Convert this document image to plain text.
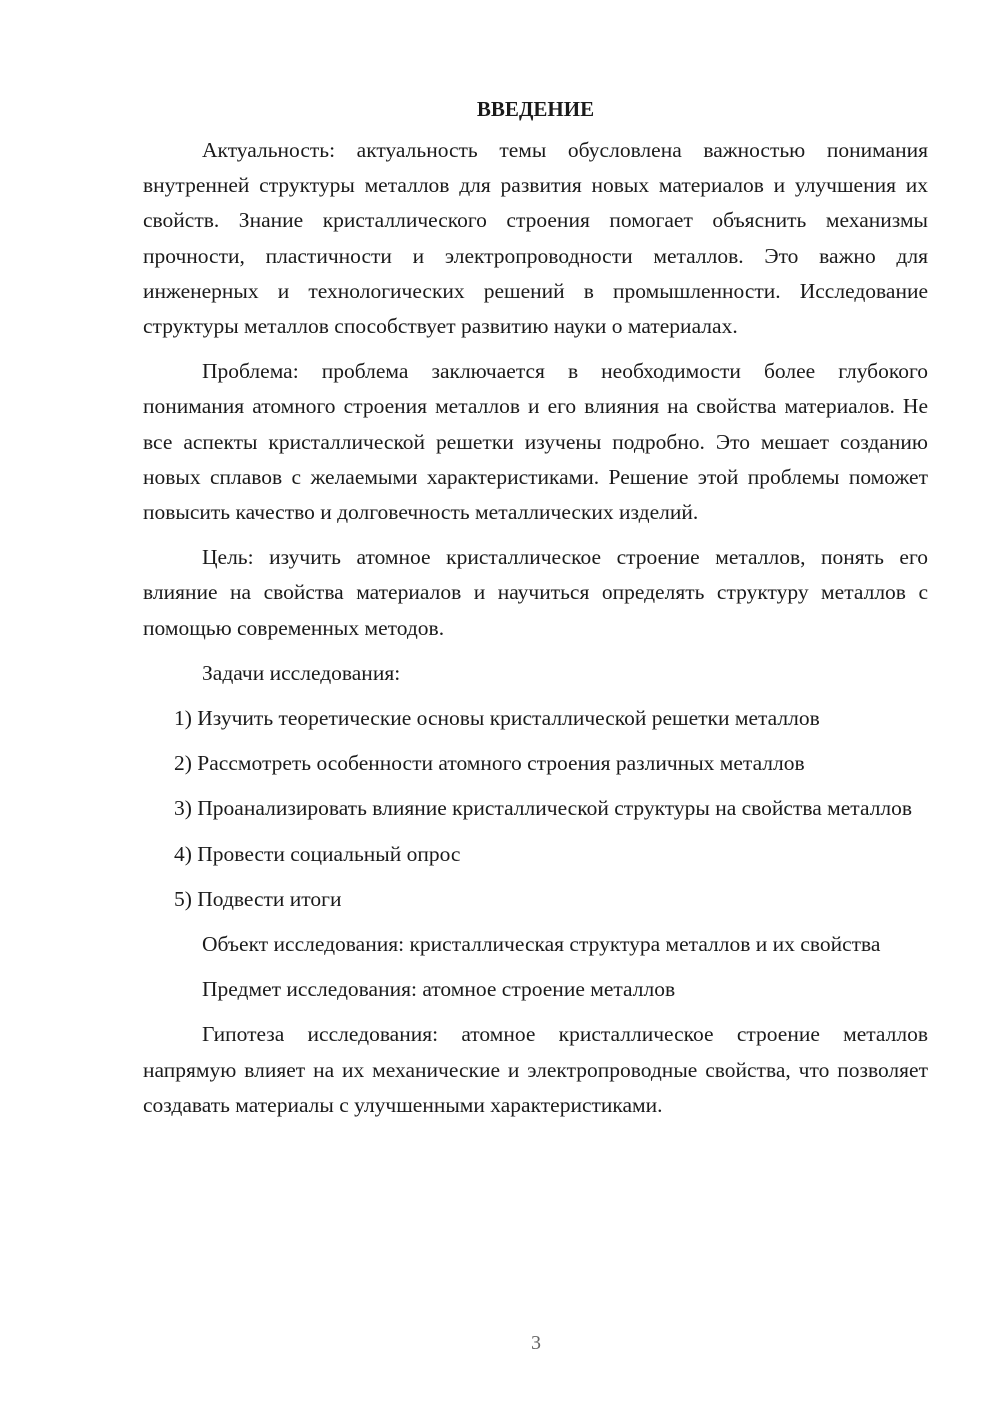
ВВЕДЕНИЕ

Актуальность: актуальность темы обусловлена важностью понимания внутренней структуры металлов для развития новых материалов и улучшения их свойств. Знание кристаллического строения помогает объяснить механизмы прочности, пластичности и электропроводности металлов. Это важно для инженерных и технологических решений в промышленности. Исследование структуры металлов способствует развитию науки о материалах.

Проблема: проблема заключается в необходимости более глубокого понимания атомного строения металлов и его влияния на свойства материалов. Не все аспекты кристаллической решетки изучены подробно. Это мешает созданию новых сплавов с желаемыми характеристиками. Решение этой проблемы поможет повысить качество и долговечность металлических изделий.

Цель: изучить атомное кристаллическое строение металлов, понять его влияние на свойства материалов и научиться определять структуру металлов с помощью современных методов.

Задачи исследования:

1) Изучить теоретические основы кристаллической решетки металлов

2) Рассмотреть особенности атомного строения различных металлов

3) Проанализировать влияние кристаллической структуры на свойства металлов

4) Провести социальный опрос

5) Подвести итоги

Объект исследования: кристаллическая структура металлов и их свойства

Предмет исследования: атомное строение металлов

Гипотеза исследования: атомное кристаллическое строение металлов напрямую влияет на их механические и электропроводные свойства, что позволяет создавать материалы с улучшенными характеристиками.

3
